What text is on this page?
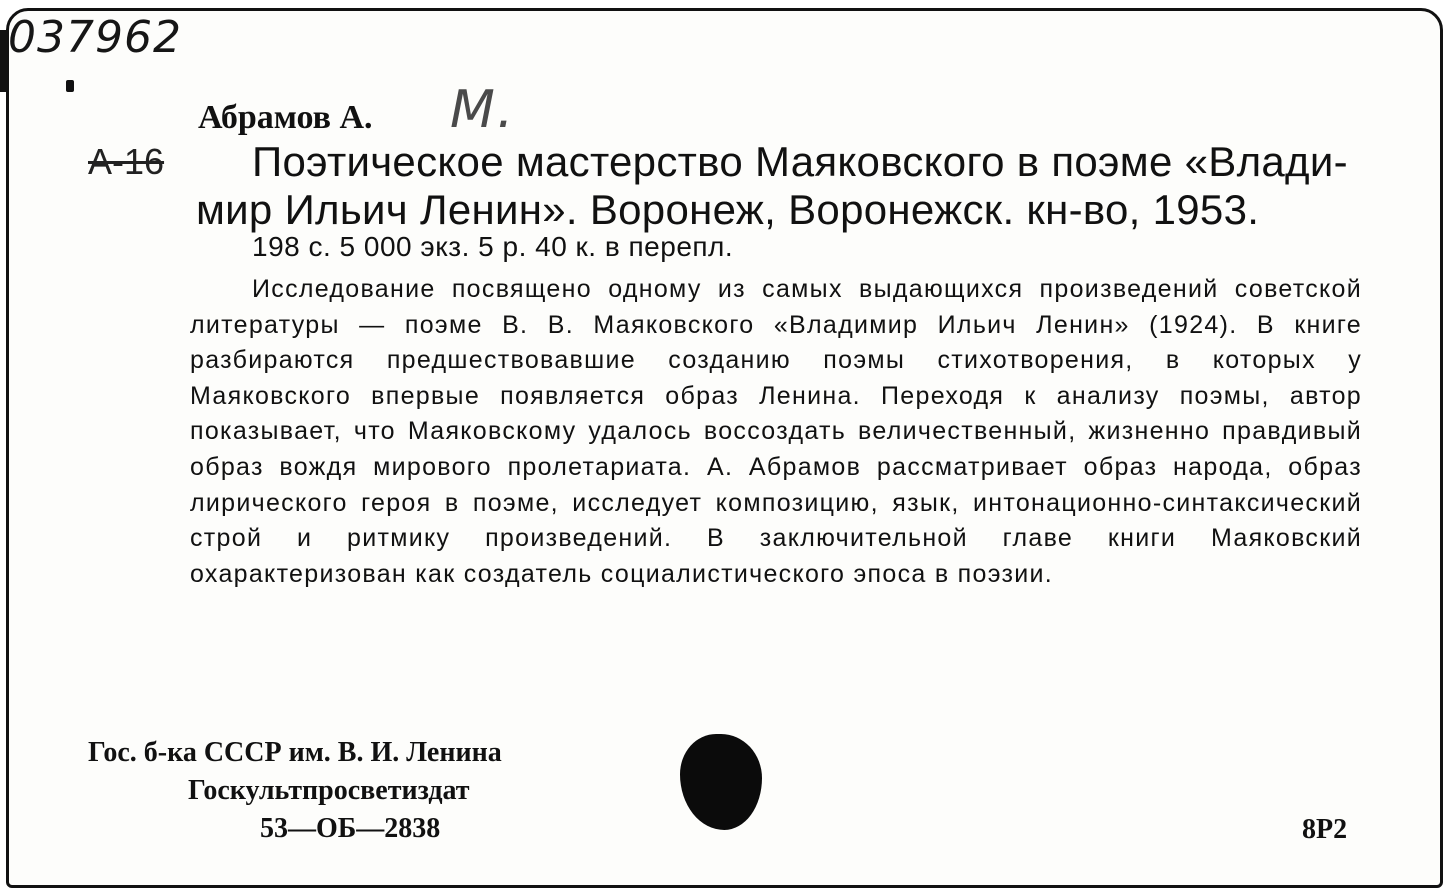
037962
Абрамов А. М.
А-16	Поэтическое мастерство Маяковского в поэме «Влади-
мир Ильич Ленин». Воронеж, Воронежск. кн-во, 1953.
198 с. 5 000 экз. 5 р. 40 к. в перепл.
Исследование посвящено одному из самых выдающихся произведений советской литературы — поэме В. В. Маяковского «Владимир Ильич Ленин» (1924). В книге разбираются предшествовавшие созданию поэмы стихотворения, в которых у Маяковского впервые появляется образ Ленина. Переходя к анализу поэмы, автор показывает, что Маяковскому удалось воссоздать величественный, жизненно правдивый образ вождя мирового пролетариата. А. Абрамов рассматривает образ народа, образ лирического героя в поэме, исследует композицию, язык, интонационно-синтаксический строй и ритмику произведений. В заключительной главе книги Маяковский охарактеризован как создатель социалистического эпоса в поэзии.
Гос. б-ка СССР им. В. И. Ленина
Госкультпросветиздат
53—ОБ—2838	8Р2
